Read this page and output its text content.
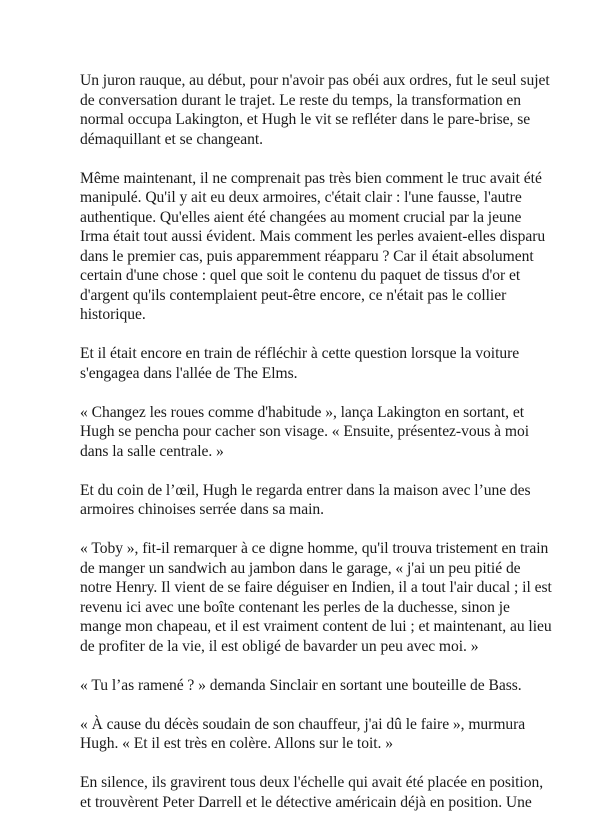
Un juron rauque, au début, pour n'avoir pas obéi aux ordres, fut le seul sujet
de conversation durant le trajet. Le reste du temps, la transformation en
normal occupa Lakington, et Hugh le vit se refléter dans le pare-brise, se
démaquillant et se changeant.

Même maintenant, il ne comprenait pas très bien comment le truc avait été
manipulé. Qu'il y ait eu deux armoires, c'était clair : l'une fausse, l'autre
authentique. Qu'elles aient été changées au moment crucial par la jeune
Irma était tout aussi évident. Mais comment les perles avaient-elles disparu
dans le premier cas, puis apparemment réapparu ? Car il était absolument
certain d'une chose : quel que soit le contenu du paquet de tissus d'or et
d'argent qu'ils contemplaient peut-être encore, ce n'était pas le collier
historique.

Et il était encore en train de réfléchir à cette question lorsque la voiture
s'engagea dans l'allée de The Elms.

« Changez les roues comme d'habitude », lança Lakington en sortant, et
Hugh se pencha pour cacher son visage. « Ensuite, présentez-vous à moi
dans la salle centrale. »

Et du coin de l’œil, Hugh le regarda entrer dans la maison avec l’une des
armoires chinoises serrée dans sa main.

« Toby », fit-il remarquer à ce digne homme, qu'il trouva tristement en train
de manger un sandwich au jambon dans le garage, « j'ai un peu pitié de
notre Henry. Il vient de se faire déguiser en Indien, il a tout l'air ducal ; il est
revenu ici avec une boîte contenant les perles de la duchesse, sinon je
mange mon chapeau, et il est vraiment content de lui ; et maintenant, au lieu
de profiter de la vie, il est obligé de bavarder un peu avec moi. »

« Tu l’as ramené ? » demanda Sinclair en sortant une bouteille de Bass.

« À cause du décès soudain de son chauffeur, j'ai dû le faire », murmura
Hugh. « Et il est très en colère. Allons sur le toit. »

En silence, ils gravirent tous deux l'échelle qui avait été placée en position,
et trouvèrent Peter Darrell et le détective américain déjà en position. Une
